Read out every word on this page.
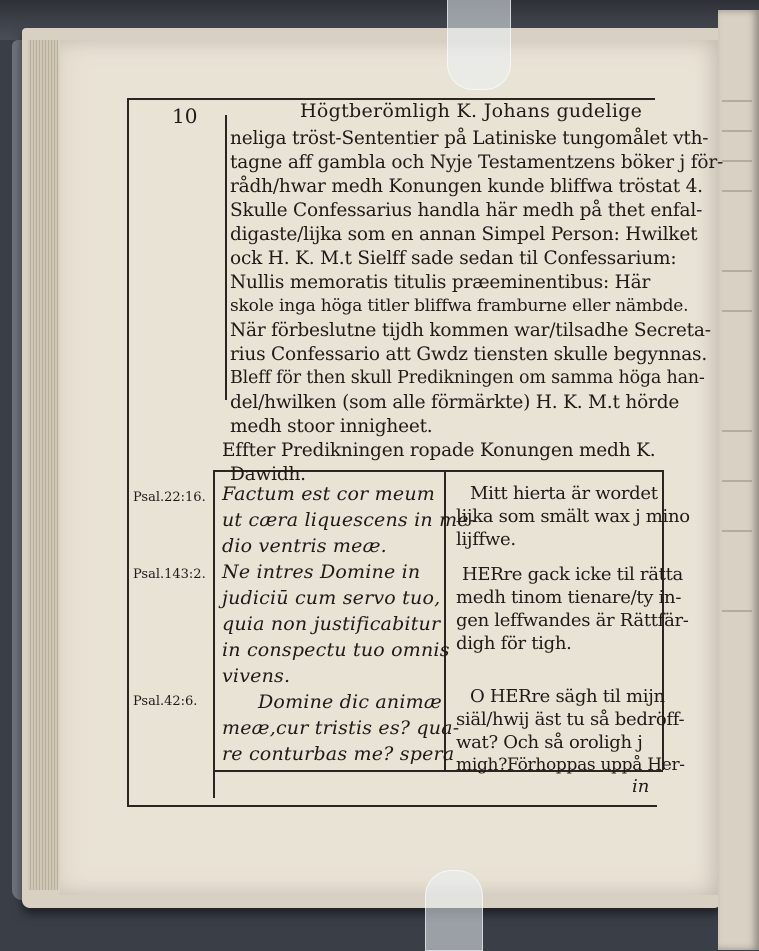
10	Högtberömligh K. Johans gudelige
neliga tröst-Sententier på Latiniske tungomålet vth-
tagne aff gambla och Nyje Testamentzens böker j för-
rådh/hwar medh Konungen kunde bliffwa tröstat 4.
Skulle Confessarius handla här medh på thet enfal-
digaste/lijka som en annan Simpel Person: Hwilket
ock H. K. M.t Sielff sade sedan til Confessarium:
Nullis memoratis titulis præeminentibus: Här
skole inga höga titler bliffwa framburne eller nämbde.
När förbeslutne tijdh kommen war/tilsadhe Secreta-
rius Confessario att Gwdz tiensten skulle begynnas.
Bleff för then skull Predikningen om samma höga han-
del/hwilken (som alle förmärkte) H. K. M.t hörde
medh stoor innigheet.
Effter Predikningen ropade Konungen medh K.
Dawidh.
Psal.22:16.
Psal.143:2.
Psal.42:6.
Factum est cor meum
ut cæra liquescens in me-
dio ventris meæ.
Ne intres Domine in
judiciū cum servo tuo,
quia non justificabitur
in conspectu tuo omnis
vivens.
Domine dic animæ
meæ,cur tristis es? qua-
re conturbas me? spera
Mitt hierta är wordet
lijka som smält wax j mino
lijffwe.
HERre gack icke til rätta
medh tinom tienare/ty in-
gen leffwandes är Rättfär-
digh för tigh.
O HERre sägh til mijn
siäl/hwij äst tu så bedröff-
wat? Och så oroligh j
migh?Förhoppas uppå Her-
in
